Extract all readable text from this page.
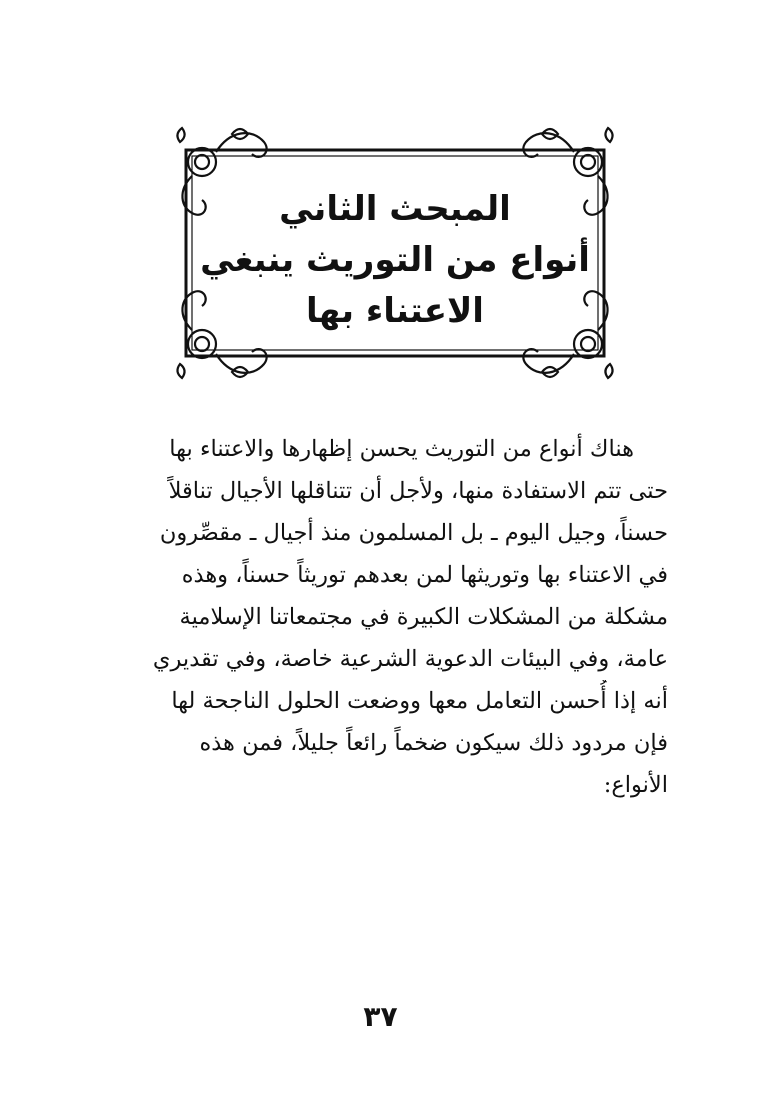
المبحث الثاني
أنواع من التوريث ينبغي
الاعتناء بها
هناك أنواع من التوريث يحسن إظهارها والاعتناء بها
حتى تتم الاستفادة منها، ولأجل أن تتناقلها الأجيال تناقلاً
حسناً، وجيل اليوم ـ بل المسلمون منذ أجيال ـ مقصِّرون
في الاعتناء بها وتوريثها لمن بعدهم توريثاً حسناً، وهذه
مشكلة من المشكلات الكبيرة في مجتمعاتنا الإسلامية
عامة، وفي البيئات الدعوية الشرعية خاصة، وفي تقديري
أنه إذا أُحسن التعامل معها ووضعت الحلول الناجحة لها
فإن مردود ذلك سيكون ضخماً رائعاً جليلاً، فمن هذه
الأنواع:
٣٧
